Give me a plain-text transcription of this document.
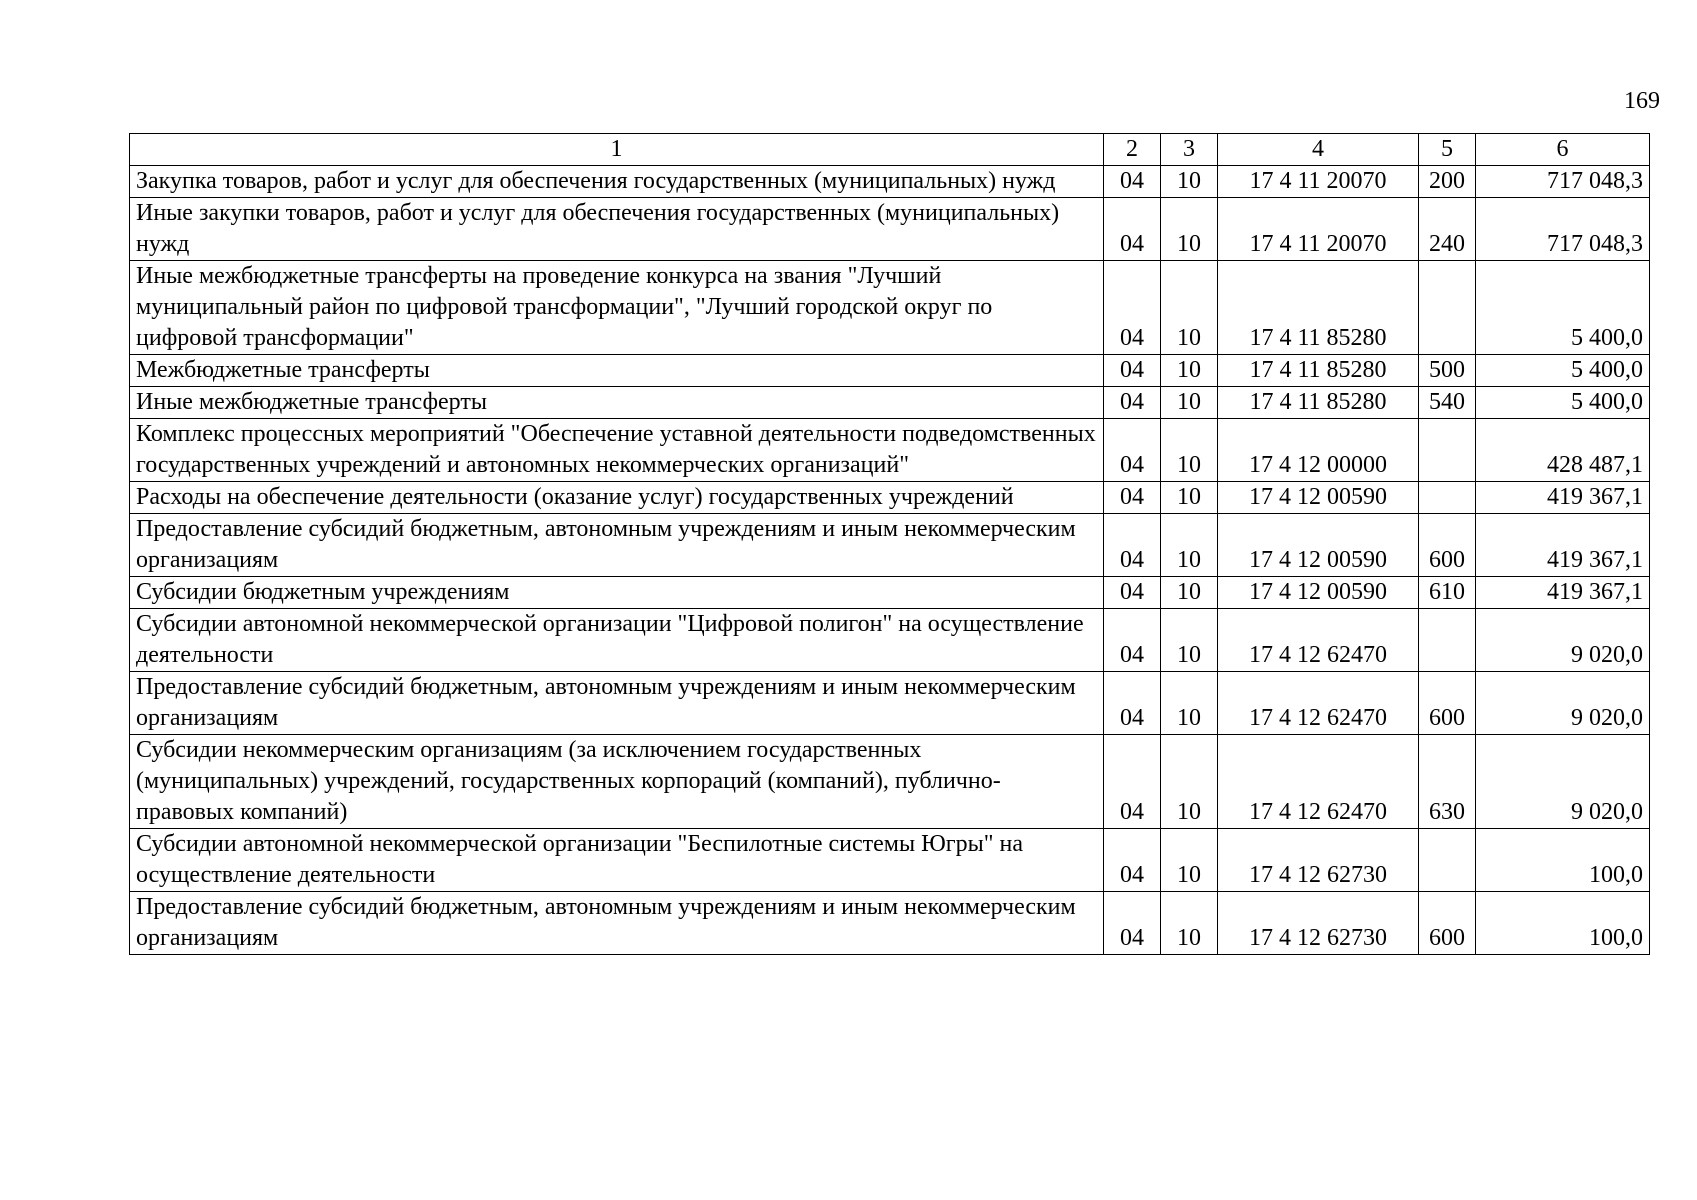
169
1	2	3	4	5	6
Закупка товаров, работ и услуг для обеспечения государственных (муниципальных) нужд	04	10	17 4 11 20070	200	717 048,3
Иные закупки товаров, работ и услуг для обеспечения государственных (муниципальных) нужд	04	10	17 4 11 20070	240	717 048,3
Иные межбюджетные трансферты на проведение конкурса на звания "Лучший муниципальный район по цифровой трансформации", "Лучший городской округ по цифровой трансформации"	04	10	17 4 11 85280		5 400,0
Межбюджетные трансферты	04	10	17 4 11 85280	500	5 400,0
Иные межбюджетные трансферты	04	10	17 4 11 85280	540	5 400,0
Комплекс процессных мероприятий "Обеспечение уставной деятельности подведомственных государственных учреждений и автономных некоммерческих организаций"	04	10	17 4 12 00000		428 487,1
Расходы на обеспечение деятельности (оказание услуг) государственных учреждений	04	10	17 4 12 00590		419 367,1
Предоставление субсидий бюджетным, автономным учреждениям и иным некоммерческим организациям	04	10	17 4 12 00590	600	419 367,1
Субсидии бюджетным учреждениям	04	10	17 4 12 00590	610	419 367,1
Субсидии автономной некоммерческой организации "Цифровой полигон" на осуществление деятельности	04	10	17 4 12 62470		9 020,0
Предоставление субсидий бюджетным, автономным учреждениям и иным некоммерческим организациям	04	10	17 4 12 62470	600	9 020,0
Субсидии некоммерческим организациям (за исключением государственных (муниципальных) учреждений, государственных корпораций (компаний), публично-правовых компаний)	04	10	17 4 12 62470	630	9 020,0
Субсидии автономной некоммерческой организации "Беспилотные системы Югры" на осуществление деятельности	04	10	17 4 12 62730		100,0
Предоставление субсидий бюджетным, автономным учреждениям и иным некоммерческим организациям	04	10	17 4 12 62730	600	100,0
